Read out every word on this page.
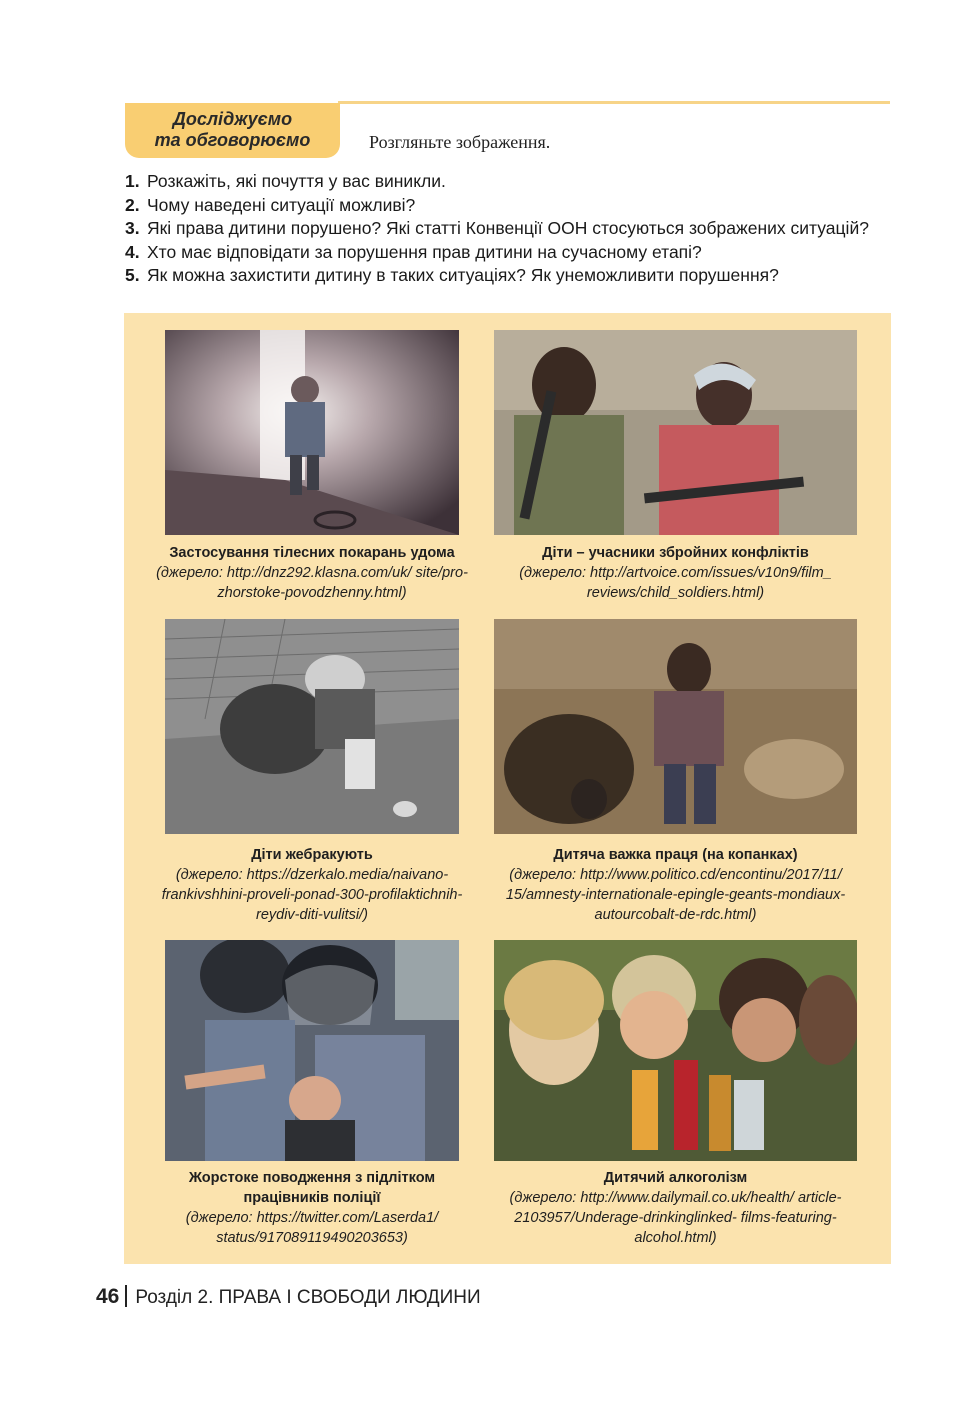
Досліджуємо
та обговорюємо	Розгляньте зображення.
1. Розкажіть, які почуття у вас виникли.
2. Чому наведені ситуації можливі?
3. Які права дитини порушено? Які статті Конвенції ООН стосуються зображених ситуацій?
4. Хто має відповідати за порушення прав дитини на сучасному етапі?
5. Як можна захистити дитину в таких ситуаціях? Як унеможливити порушення?
Застосування тілесних покарань удома
(джерело: http://dnz292.klasna.com/uk/ site/pro-zhorstoke-povodzhenny.html)
Діти – учасники збройних конфліктів
(джерело: http://artvoice.com/issues/v10n9/film_ reviews/child_soldiers.html)
Діти жебракують
(джерело: https://dzerkalo.media/naivano- frankivshhini-proveli-ponad-300-profilaktichnih- reydiv-diti-vulitsi/)
Дитяча важка праця (на копанках)
(джерело: http://www.politico.cd/encontinu/2017/11/ 15/amnesty-internationale-epingle-geants-mondiaux- autourcobalt-de-rdc.html)
Жорстоке поводження з підлітком працівників поліції
(джерело: https://twitter.com/Laserda1/ status/917089119490203653)
Дитячий алкоголізм
(джерело: http://www.dailymail.co.uk/health/ article-2103957/Underage-drinkinglinked- films-featuring-alcohol.html)
46 Розділ 2. ПРАВА І СВОБОДИ ЛЮДИНИ
